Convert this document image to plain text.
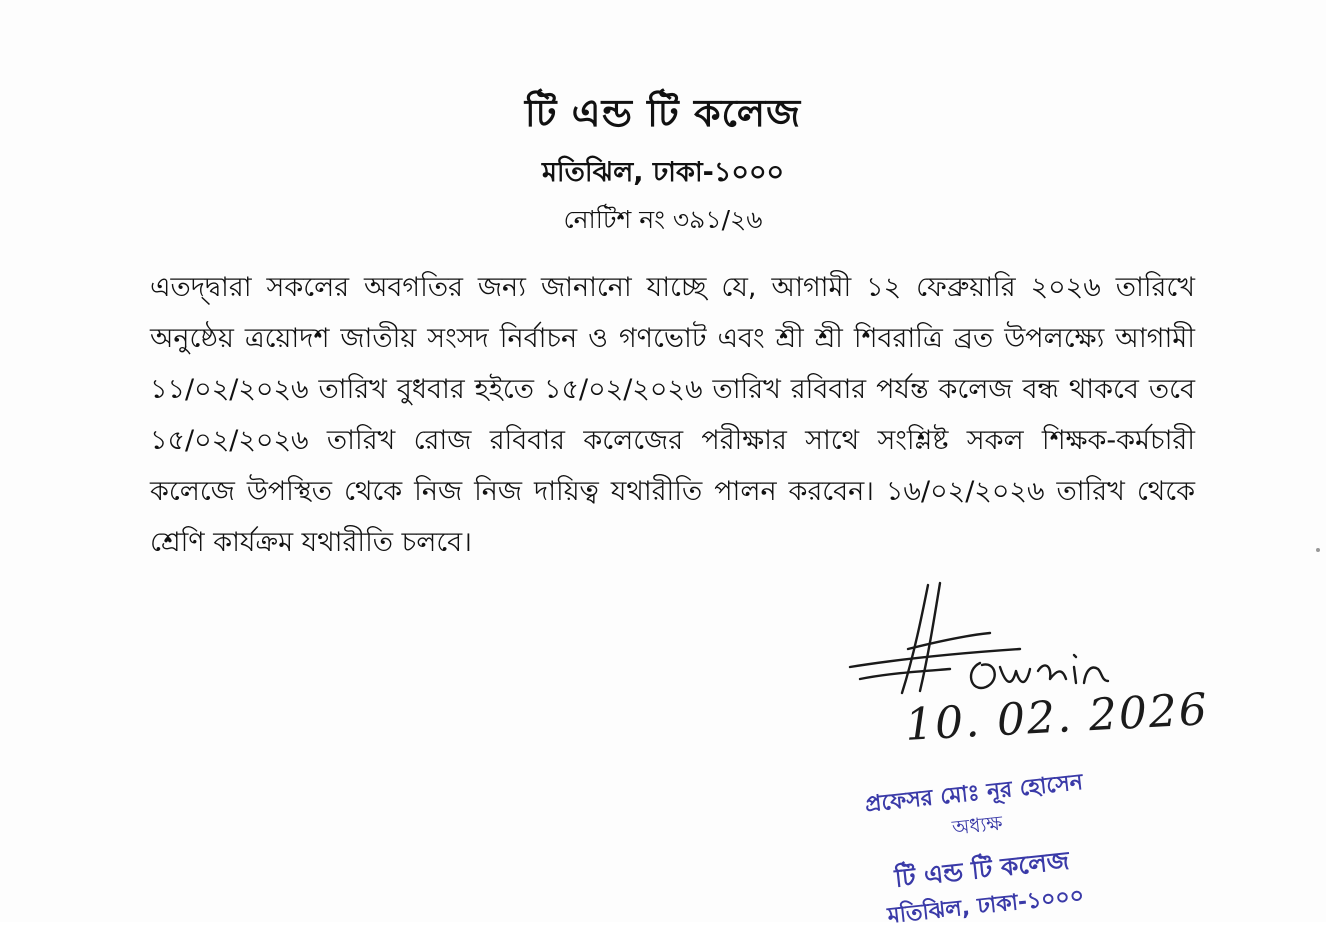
টি এন্ড টি কলেজ
মতিঝিল, ঢাকা-১০০০
নোটিশ নং ৩৯১/২৬
এতদ্দ্বারা সকলের অবগতির জন্য জানানো যাচ্ছে যে, আগামী ১২ ফেব্রুয়ারি ২০২৬ তারিখে অনুষ্ঠেয় ত্রয়োদশ জাতীয় সংসদ নির্বাচন ও গণভোট এবং শ্রী শ্রী শিবরাত্রি ব্রত উপলক্ষ্যে আগামী ১১/০২/২০২৬ তারিখ বুধবার হইতে ১৫/০২/২০২৬ তারিখ রবিবার পর্যন্ত কলেজ বন্ধ থাকবে তবে ১৫/০২/২০২৬ তারিখ রোজ রবিবার কলেজের পরীক্ষার সাথে সংশ্লিষ্ট সকল শিক্ষক-কর্মচারী কলেজে উপস্থিত থেকে নিজ নিজ দায়িত্ব যথারীতি পালন করবেন। ১৬/০২/২০২৬ তারিখ থেকে শ্রেণি কার্যক্রম যথারীতি চলবে।
10. 02. 2026
প্রফেসর মোঃ নূর হোসেন
অধ্যক্ষ
টি এন্ড টি কলেজ
মতিঝিল, ঢাকা-১০০০
